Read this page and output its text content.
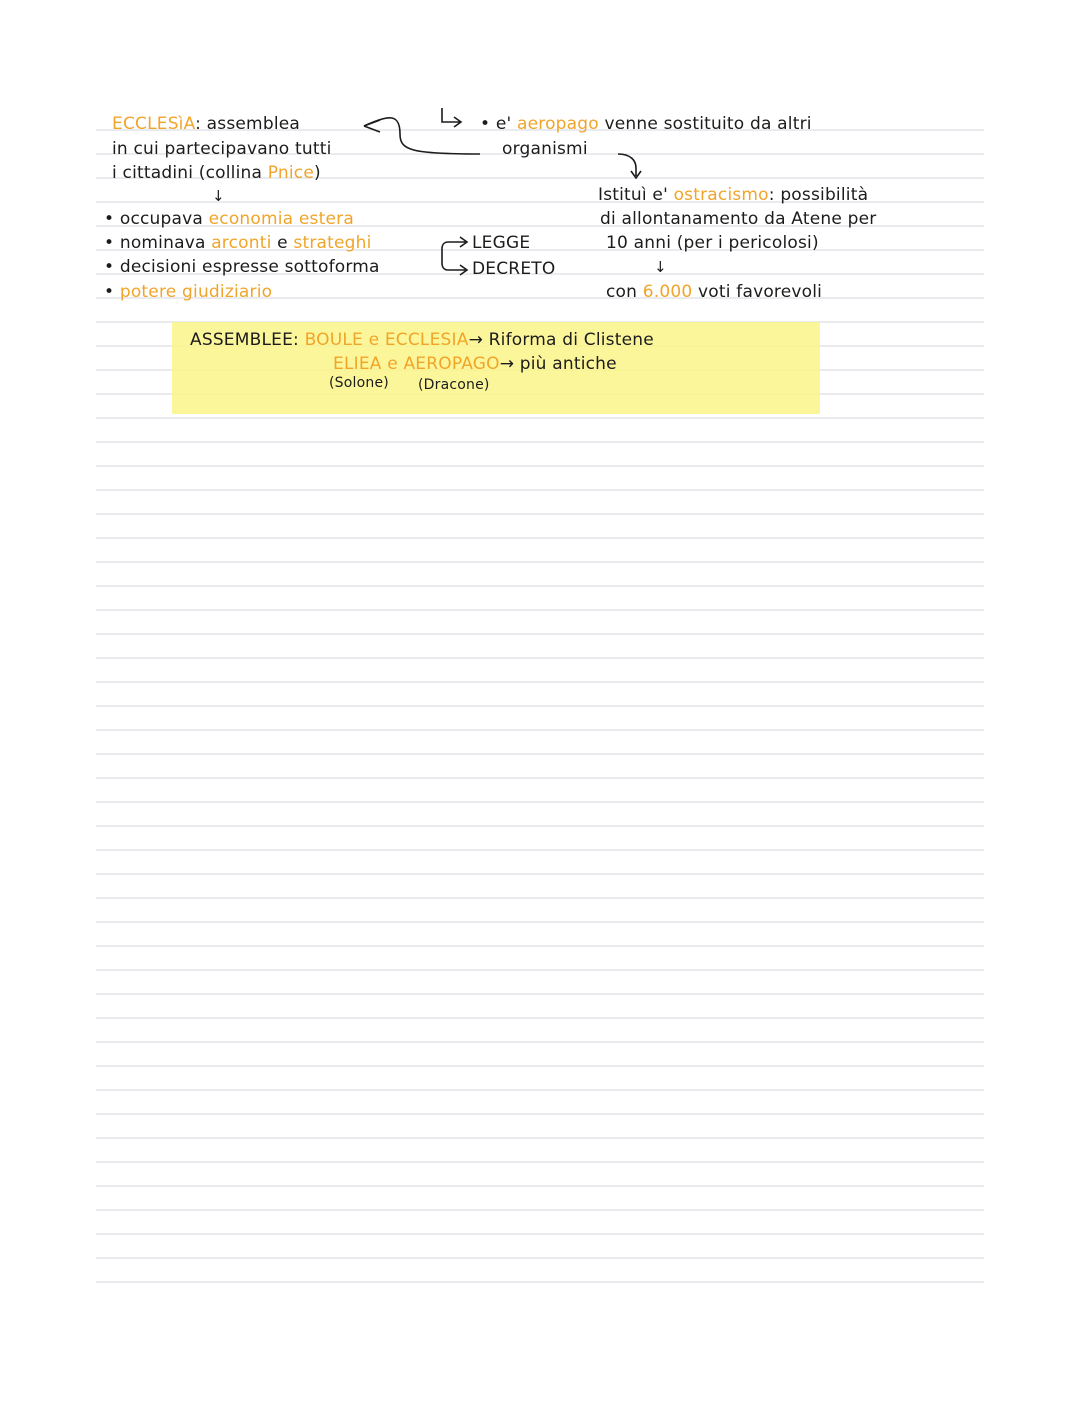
ECCLESìA: assemblea
in cui partecipavano tutti
i cittadini (collina Pnice)
↓
• e' aeropago venne sostituito da altri
organismi
Istituì e' ostracismo: possibilità
di allontanamento da Atene per
10 anni (per i pericolosi)
↓
con 6.000 voti favorevoli
• occupava economia estera
• nominava arconti e strateghi
• decisioni espresse sottoforma
• potere giudiziario
LEGGE
DECRETO
ASSEMBLEE: BOULE e ECCLESIA→ Riforma di Clistene
ELIEA e AEROPAGO→ più antiche
(Solone) (Dracone)
